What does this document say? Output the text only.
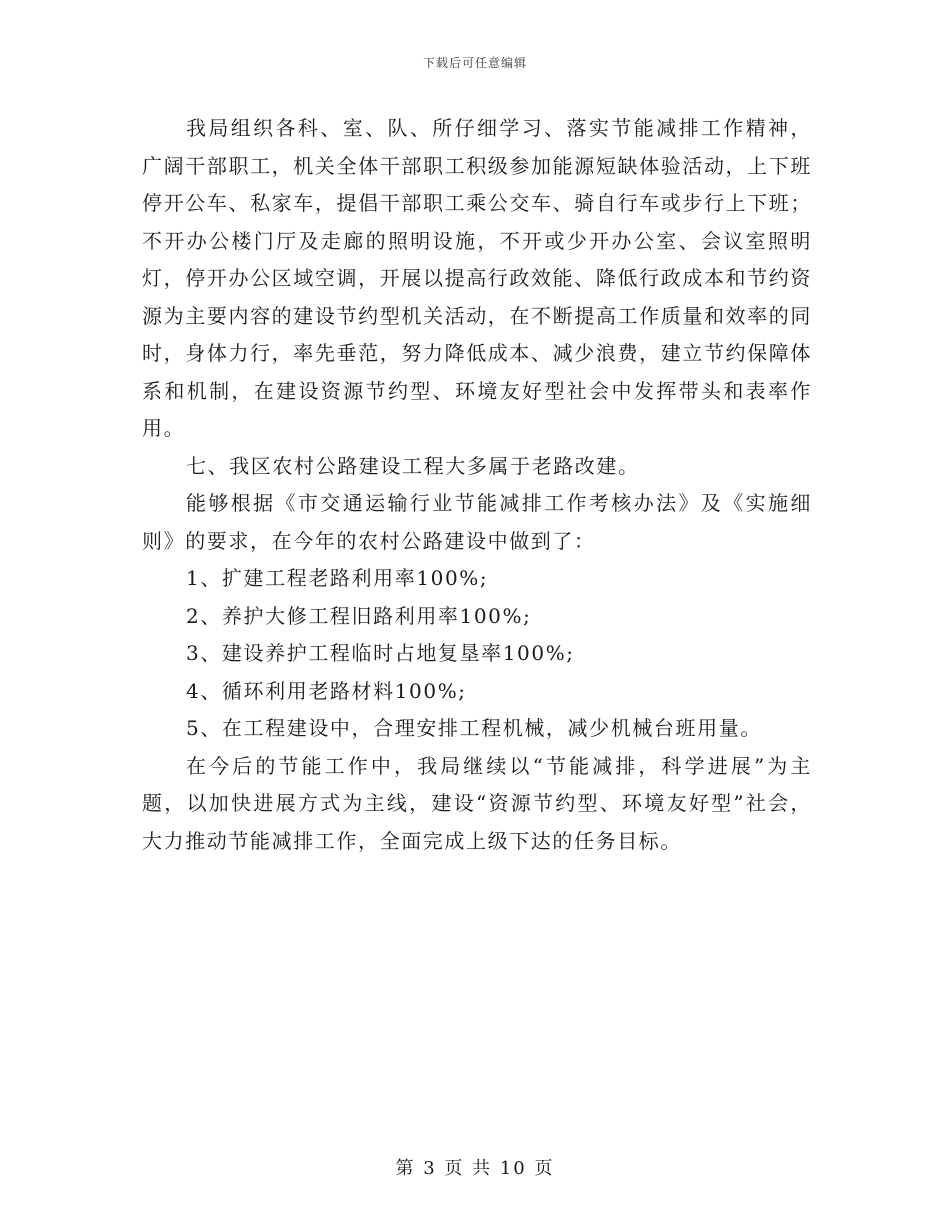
下载后可任意编辑

我局组织各科、室、队、所仔细学习、落实节能减排工作精神，广阔干部职工，机关全体干部职工积级参加能源短缺体验活动，上下班停开公车、私家车，提倡干部职工乘公交车、骑自行车或步行上下班；不开办公楼门厅及走廊的照明设施，不开或少开办公室、会议室照明灯，停开办公区域空调，开展以提高行政效能、降低行政成本和节约资源为主要内容的建设节约型机关活动，在不断提高工作质量和效率的同时，身体力行，率先垂范，努力降低成本、减少浪费，建立节约保障体系和机制，在建设资源节约型、环境友好型社会中发挥带头和表率作用。

七、我区农村公路建设工程大多属于老路改建。

能够根据《市交通运输行业节能减排工作考核办法》及《实施细则》的要求，在今年的农村公路建设中做到了：

1、扩建工程老路利用率100%;

2、养护大修工程旧路利用率100%;

3、建设养护工程临时占地复垦率100%;

4、循环利用老路材料100%;

5、在工程建设中，合理安排工程机械，减少机械台班用量。

在今后的节能工作中，我局继续以“节能减排，科学进展”为主题，以加快进展方式为主线，建设“资源节约型、环境友好型”社会，大力推动节能减排工作，全面完成上级下达的任务目标。

第 3 页 共 10 页
